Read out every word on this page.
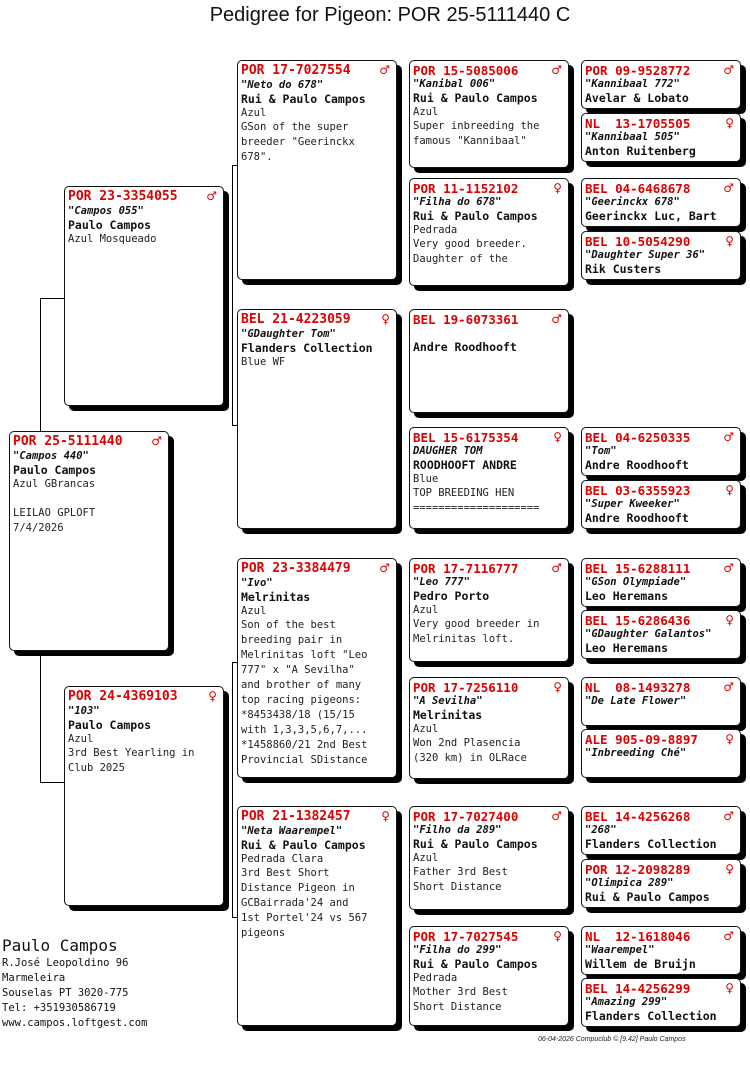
Pedigree for Pigeon: POR 25-5111440 C
POR 25-5111440	♂
"Campos 440"
Paulo Campos
Azul GBrancas

LEILAO GPLOFT
7/4/2026
POR 23-3354055	♂
"Campos 055"
Paulo Campos
Azul Mosqueado
POR 24-4369103	♀
"103"
Paulo Campos
Azul
3rd Best Yearling in
Club 2025
POR 17-7027554	♂
"Neto do 678"
Rui & Paulo Campos
Azul
GSon of the super
breeder "Geerinckx
678".
BEL 21-4223059	♀
"GDaughter Tom"
Flanders Collection
Blue WF
POR 23-3384479	♂
"Ivo"
Melrinitas
Azul
Son of the best
breeding pair in
Melrinitas loft "Leo
777" x "A Sevilha"
and brother of many
top racing pigeons:
*8453438/18 (15/15
with 1,3,3,5,6,7,...
*1458860/21 2nd Best
Provincial SDistance
POR 21-1382457	♀
"Neta Waarempel"
Rui & Paulo Campos
Pedrada Clara
3rd Best Short
Distance Pigeon in
GCBairrada'24 and
1st Portel'24 vs 567
pigeons
POR 15-5085006	♂
"Kanibal 006"
Rui & Paulo Campos
Azul
Super inbreeding the
famous "Kannibaal"
POR 11-1152102	♀
"Filha do 678"
Rui & Paulo Campos
Pedrada
Very good breeder.
Daughter of the
BEL 19-6073361	♂
Andre Roodhooft
BEL 15-6175354	♀
DAUGHER TOM
ROODHOOFT ANDRE
Blue
TOP BREEDING HEN
====================
POR 17-7116777	♂
"Leo 777"
Pedro Porto
Azul
Very good breeder in
Melrinitas loft.
POR 17-7256110	♀
"A Sevilha"
Melrinitas
Azul
Won 2nd Plasencia
(320 km) in OLRace
POR 17-7027400	♂
"Filho da 289"
Rui & Paulo Campos
Azul
Father 3rd Best
Short Distance
POR 17-7027545	♀
"Filha do 299"
Rui & Paulo Campos
Pedrada
Mother 3rd Best
Short Distance
POR 09-9528772	♂
"Kannibaal 772"
Avelar & Lobato
NL  13-1705505	♀
"Kannibaal 505"
Anton Ruitenberg
BEL 04-6468678	♂
"Geerinckx 678"
Geerinckx Luc, Bart
BEL 10-5054290	♀
"Daughter Super 36"
Rik Custers
BEL 04-6250335	♂
"Tom"
Andre Roodhooft
BEL 03-6355923	♀
"Super Kweeker"
Andre Roodhooft
BEL 15-6288111	♂
"GSon Olympiade"
Leo Heremans
BEL 15-6286436	♀
"GDaughter Galantos"
Leo Heremans
NL  08-1493278	♂
"De Late Flower"
ALE 905-09-8897	♀
"Inbreeding Ché"
BEL 14-4256268	♂
"268"
Flanders Collection
POR 12-2098289	♀
"Olimpica 289"
Rui & Paulo Campos
NL  12-1618046	♂
"Waarempel"
Willem de Bruijn
BEL 14-4256299	♀
"Amazing 299"
Flanders Collection
Paulo Campos
R.José Leopoldino 96
Marmeleira
Souselas PT 3020-775
Tel: +351930586719
www.campos.loftgest.com
06-04-2026 Compuclub © [9.42] Paulo Campos
